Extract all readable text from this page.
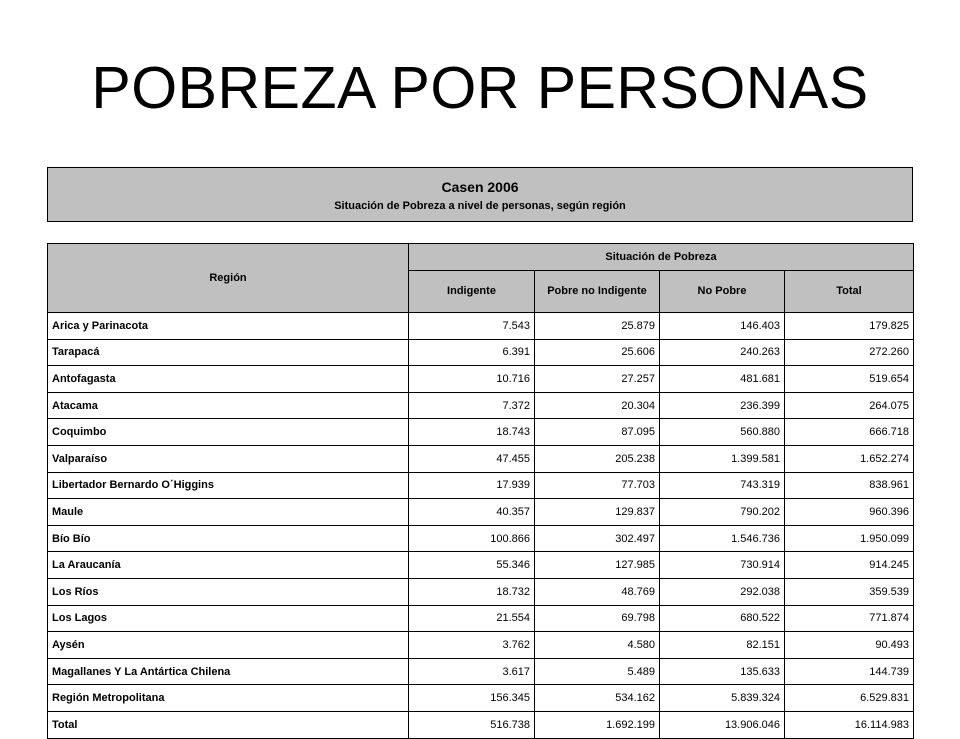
POBREZA POR PERSONAS
Casen 2006
Situación de Pobreza a nivel de personas, según región
Región	Situación de Pobreza			
	Indigente	Pobre no Indigente	No Pobre	Total
Arica y Parinacota	7.543	25.879	146.403	179.825
Tarapacá	6.391	25.606	240.263	272.260
Antofagasta	10.716	27.257	481.681	519.654
Atacama	7.372	20.304	236.399	264.075
Coquimbo	18.743	87.095	560.880	666.718
Valparaíso	47.455	205.238	1.399.581	1.652.274
Libertador Bernardo O´Higgins	17.939	77.703	743.319	838.961
Maule	40.357	129.837	790.202	960.396
Bío Bío	100.866	302.497	1.546.736	1.950.099
La Araucanía	55.346	127.985	730.914	914.245
Los Ríos	18.732	48.769	292.038	359.539
Los Lagos	21.554	69.798	680.522	771.874
Aysén	3.762	4.580	82.151	90.493
Magallanes Y La Antártica Chilena	3.617	5.489	135.633	144.739
Región Metropolitana	156.345	534.162	5.839.324	6.529.831
Total	516.738	1.692.199	13.906.046	16.114.983
